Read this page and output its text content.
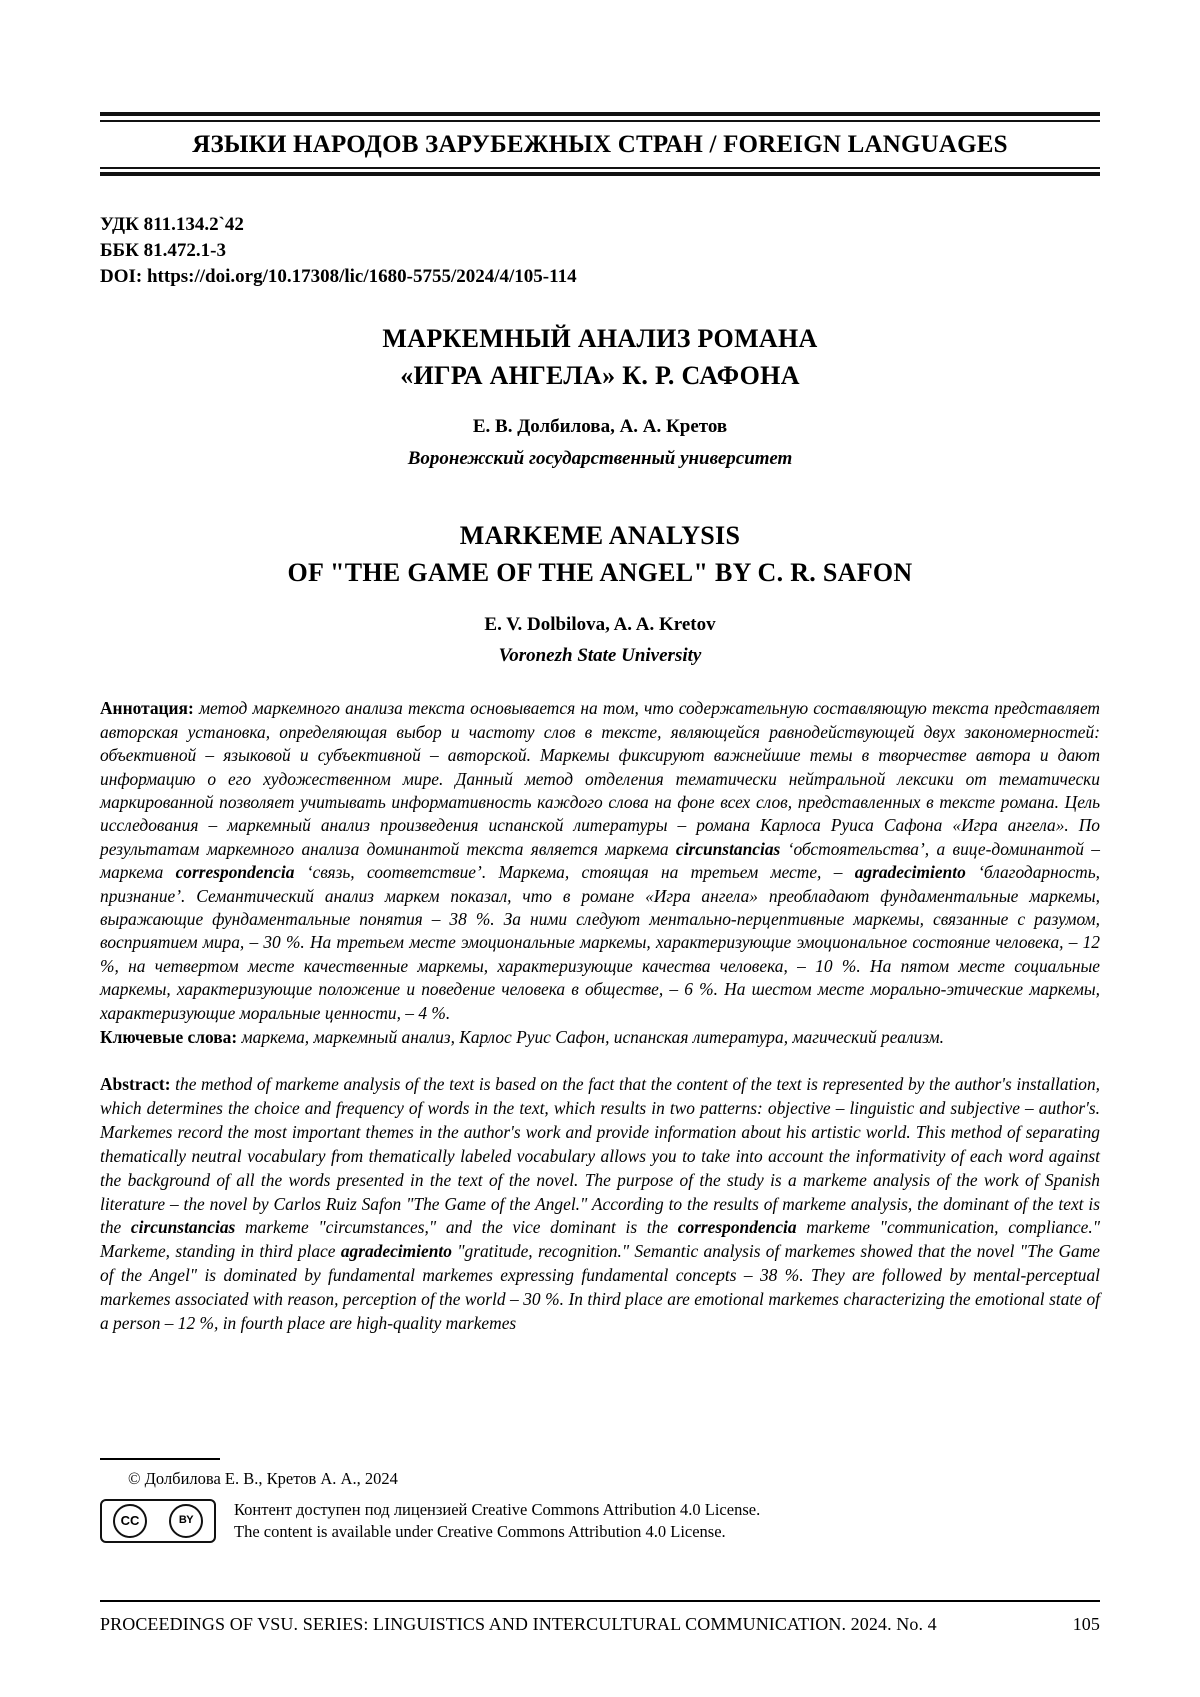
ЯЗЫКИ НАРОДОВ ЗАРУБЕЖНЫХ СТРАН / FOREIGN LANGUAGES
УДК 811.134.2`42
ББК 81.472.1-3
DOI: https://doi.org/10.17308/lic/1680-5755/2024/4/105-114
МАРКЕМНЫЙ АНАЛИЗ РОМАНА
«ИГРА АНГЕЛА» К. Р. САФОНА
Е. В. Долбилова, А. А. Кретов
Воронежский государственный университет
MARKEME ANALYSIS
OF "THE GAME OF THE ANGEL" BY C. R. SAFON
E. V. Dolbilova, A. A. Kretov
Voronezh State University
Аннотация: метод маркемного анализа текста основывается на том, что содержательную составляющую текста представляет авторская установка, определяющая выбор и частоту слов в тексте, являющейся равнодействующей двух закономерностей: объективной – языковой и субъективной – авторской. Маркемы фиксируют важнейшие темы в творчестве автора и дают информацию о его художественном мире. Данный метод отделения тематически нейтральной лексики от тематически маркированной позволяет учитывать информативность каждого слова на фоне всех слов, представленных в тексте романа. Цель исследования – маркемный анализ произведения испанской литературы – романа Карлоса Руиса Сафона «Игра ангела». По результатам маркемного анализа доминантой текста является маркема circunstancias ‘обстоятельства’, а вице-доминантой – маркема correspondencia ‘связь, соответствие’. Маркема, стоящая на третьем месте, – agradecimiento ‘благодарность, признание’. Семантический анализ маркем показал, что в романе «Игра ангела» преобладают фундаментальные маркемы, выражающие фундаментальные понятия – 38 %. За ними следуют ментально-перцептивные маркемы, связанные с разумом, восприятием мира, – 30 %. На третьем месте эмоциональные маркемы, характеризующие эмоциональное состояние человека, – 12 %, на четвертом месте качественные маркемы, характеризующие качества человека, – 10 %. На пятом месте социальные маркемы, характеризующие положение и поведение человека в обществе, – 6 %. На шестом месте морально-этические маркемы, характеризующие моральные ценности, – 4 %.
Ключевые слова: маркема, маркемный анализ, Карлос Руис Сафон, испанская литература, магический реализм.
Abstract: the method of markeme analysis of the text is based on the fact that the content of the text is represented by the author's installation, which determines the choice and frequency of words in the text, which results in two patterns: objective – linguistic and subjective – author's. Markemes record the most important themes in the author's work and provide information about his artistic world. This method of separating thematically neutral vocabulary from thematically labeled vocabulary allows you to take into account the informativity of each word against the background of all the words presented in the text of the novel. The purpose of the study is a markeme analysis of the work of Spanish literature – the novel by Carlos Ruiz Safon "The Game of the Angel." According to the results of markeme analysis, the dominant of the text is the circunstancias markeme "circumstances," and the vice dominant is the correspondencia markeme "communication, compliance." Markeme, standing in third place agradecimiento "gratitude, recognition." Semantic analysis of markemes showed that the novel "The Game of the Angel" is dominated by fundamental markemes expressing fundamental concepts – 38 %. They are followed by mental-perceptual markemes associated with reason, perception of the world – 30 %. In third place are emotional markemes characterizing the emotional state of a person – 12 %, in fourth place are high-quality markemes
© Долбилова Е. В., Кретов А. А., 2024
CC	BY
Контент доступен под лицензией Creative Commons Attribution 4.0 License.
The content is available under Creative Commons Attribution 4.0 License.
PROCEEDINGS OF VSU. SERIES: LINGUISTICS AND INTERCULTURAL COMMUNICATION. 2024. No. 4	105
